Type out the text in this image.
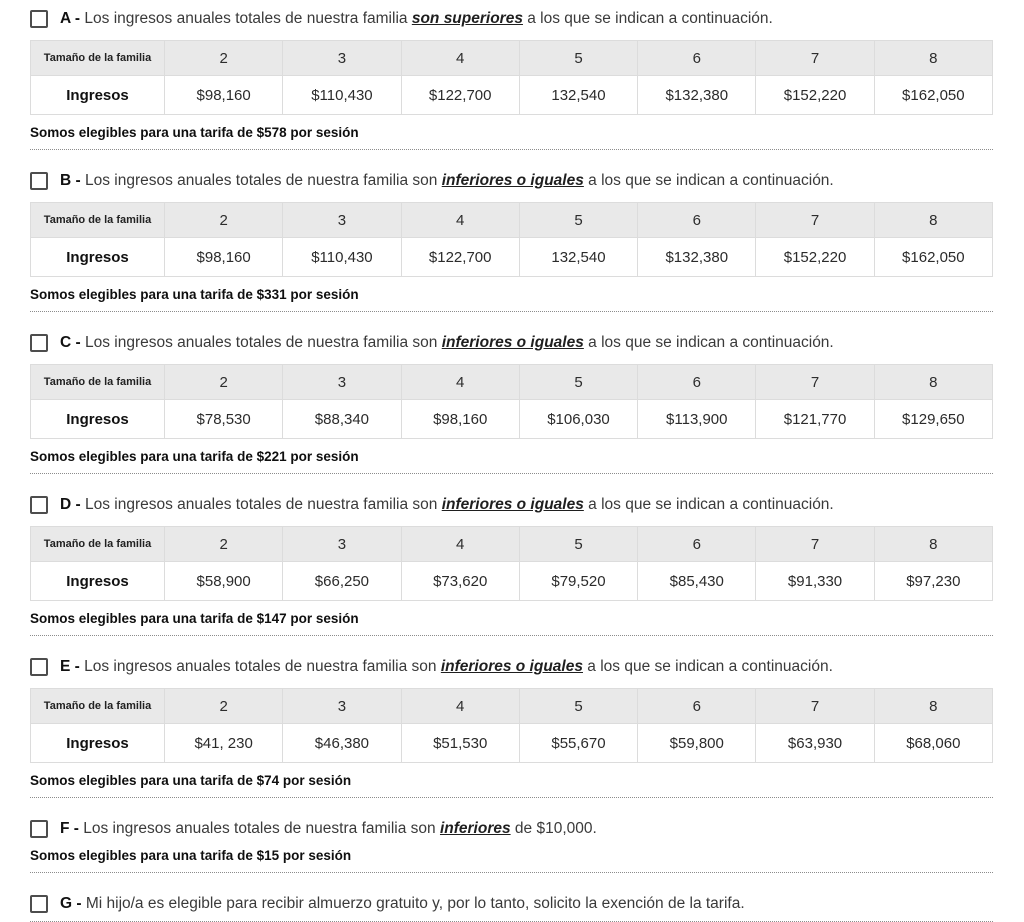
A - Los ingresos anuales totales de nuestra familia son superiores a los que se indican a continuación.

Tamaño de la familia	2	3	4	5	6	7	8
Ingresos	$98,160	$110,430	$122,700	132,540	$132,380	$152,220	$162,050

Somos elegibles para una tarifa de $578 por sesión

B - Los ingresos anuales totales de nuestra familia son inferiores o iguales a los que se indican a continuación.

Tamaño de la familia	2	3	4	5	6	7	8
Ingresos	$98,160	$110,430	$122,700	132,540	$132,380	$152,220	$162,050

Somos elegibles para una tarifa de $331 por sesión

C - Los ingresos anuales totales de nuestra familia son inferiores o iguales a los que se indican a continuación.

Tamaño de la familia	2	3	4	5	6	7	8
Ingresos	$78,530	$88,340	$98,160	$106,030	$113,900	$121,770	$129,650

Somos elegibles para una tarifa de $221 por sesión

D - Los ingresos anuales totales de nuestra familia son inferiores o iguales a los que se indican a continuación.

Tamaño de la familia	2	3	4	5	6	7	8
Ingresos	$58,900	$66,250	$73,620	$79,520	$85,430	$91,330	$97,230

Somos elegibles para una tarifa de $147 por sesión

E - Los ingresos anuales totales de nuestra familia son inferiores o iguales a los que se indican a continuación.

Tamaño de la familia	2	3	4	5	6	7	8
Ingresos	$41, 230	$46,380	$51,530	$55,670	$59,800	$63,930	$68,060

Somos elegibles para una tarifa de $74 por sesión

F - Los ingresos anuales totales de nuestra familia son inferiores de $10,000.

Somos elegibles para una tarifa de $15 por sesión

G - Mi hijo/a es elegible para recibir almuerzo gratuito y, por lo tanto, solicito la exención de la tarifa.
